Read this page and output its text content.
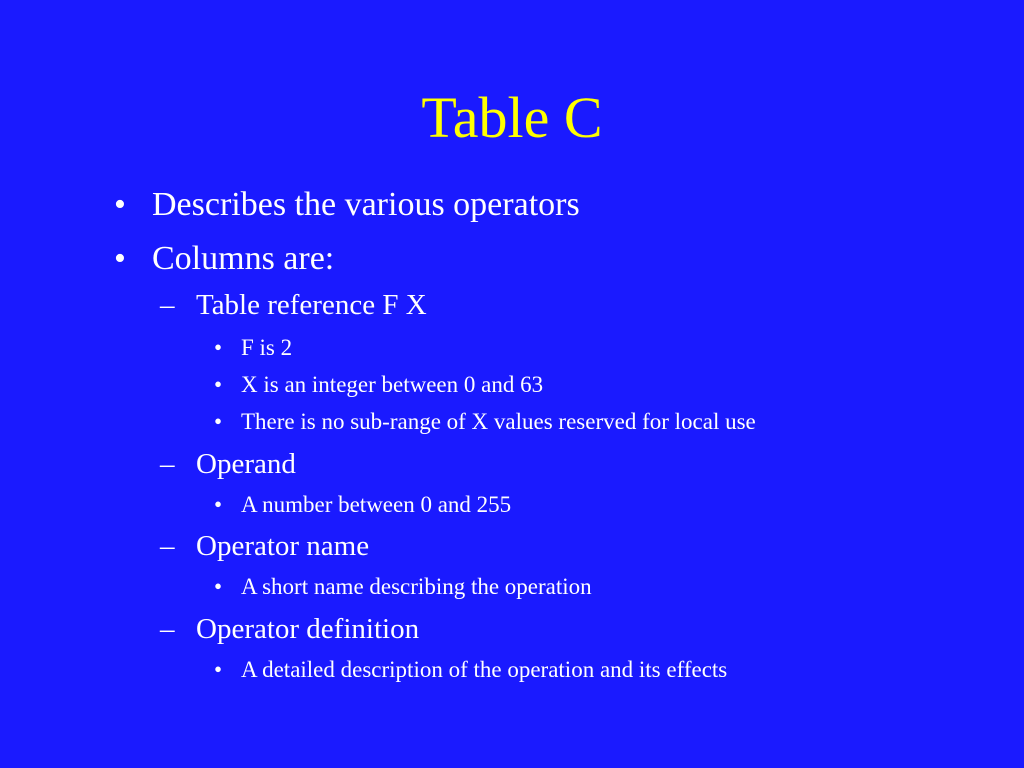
Table C
• Describes the various operators
• Columns are:
– Table reference F X
• F is 2
• X is an integer between 0 and 63
• There is no sub-range of X values reserved for local use
– Operand
• A number between 0 and 255
– Operator name
• A short name describing the operation
– Operator definition
• A detailed description of the operation and its effects
